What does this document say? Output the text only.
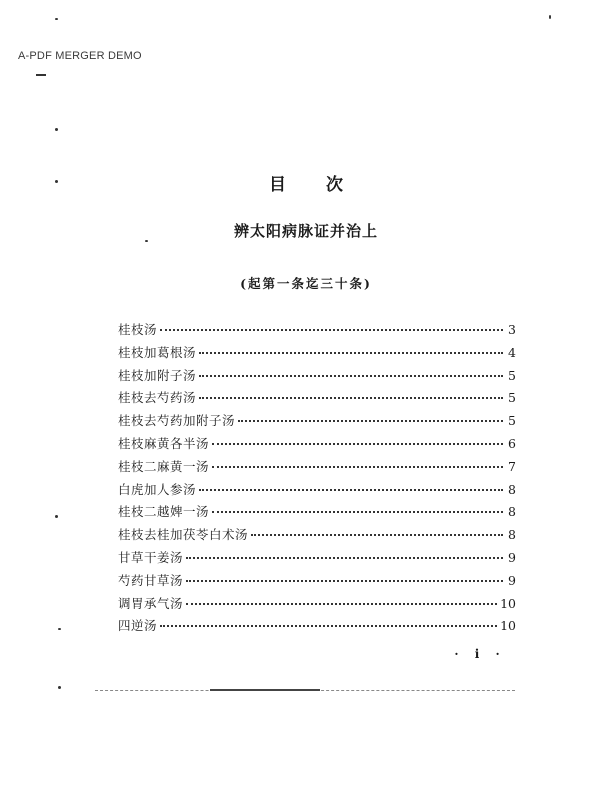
A-PDF MERGER DEMO
目次
辨太阳病脉证并治上
(起第一条迄三十条)
桂枝汤	3
桂枝加葛根汤	4
桂枝加附子汤	5
桂枝去芍药汤	5
桂枝去芍药加附子汤	5
桂枝麻黄各半汤	6
桂枝二麻黄一汤	7
白虎加人参汤	8
桂枝二越婢一汤	8
桂枝去桂加茯苓白术汤	8
甘草干姜汤	9
芍药甘草汤	9
调胃承气汤	10
四逆汤	10
· i ·
